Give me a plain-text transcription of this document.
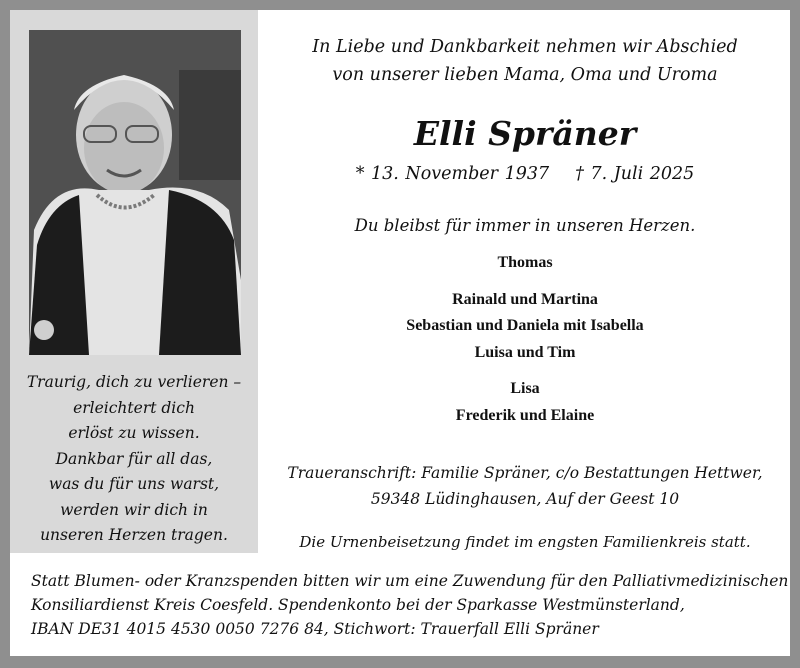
Traurig, dich zu verlieren –
erleichtert dich
erlöst zu wissen.
Dankbar für all das,
was du für uns warst,
werden wir dich in
unseren Herzen tragen.
In Liebe und Dankbarkeit nehmen wir Abschied
von unserer lieben Mama, Oma und Uroma
Elli Spräner
* 13. November 1937 † 7. Juli 2025
Du bleibst für immer in unseren Herzen.
Thomas
Rainald und Martina
Sebastian und Daniela mit Isabella
Luisa und Tim
Lisa
Frederik und Elaine
Traueranschrift: Familie Spräner, c/o Bestattungen Hettwer,
59348 Lüdinghausen, Auf der Geest 10
Die Urnenbeisetzung findet im engsten Familienkreis statt.
Statt Blumen- oder Kranzspenden bitten wir um eine Zuwendung für den Palliativmedizinischen
Konsiliardienst Kreis Coesfeld. Spendenkonto bei der Sparkasse Westmünsterland,
IBAN DE31 4015 4530 0050 7276 84, Stichwort: Trauerfall Elli Spräner
